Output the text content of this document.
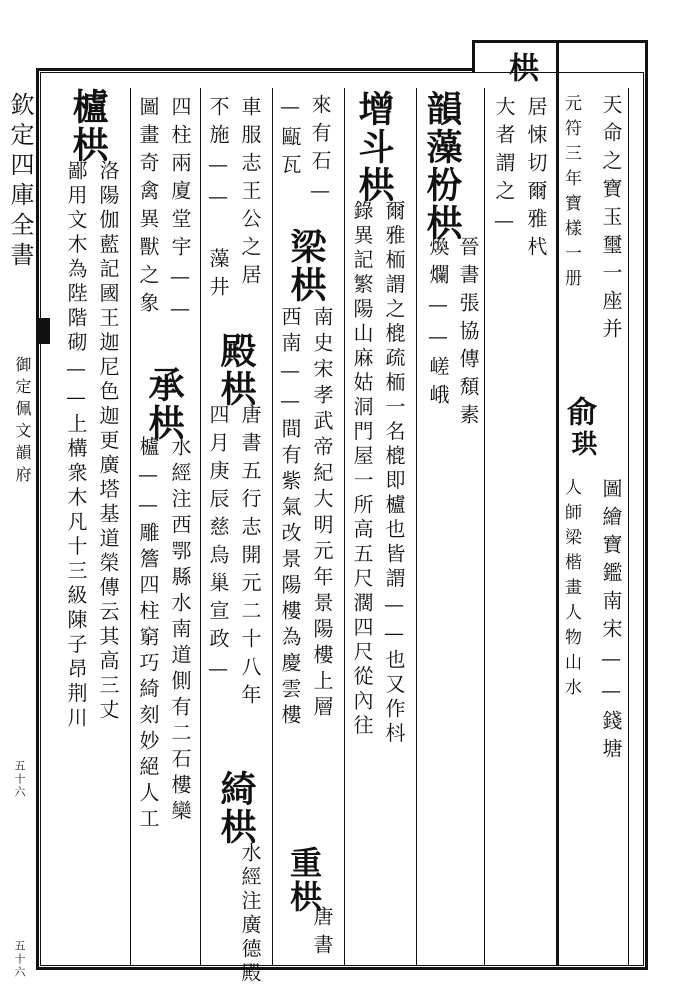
欽定四庫全書
御定佩文韻府
五十六
五十六
天命之寶玉璽一座并
元符三年寶樣一册
俞
珙
圖繪寶鑑南宋——錢塘
人師梁楷畫人物山水
栱
居悚切爾雅杙
大者謂之—
韻藻枌栱
晉書張協傳頹素
煥爛——嵯峨
增斗栱
爾雅栭謂之㮰疏栭一名㮰即櫨也皆謂——也又作枓
錄異記繁陽山麻姑洞門屋一所高五尺濶四尺從內往
來有石—
梁栱
南史宋孝武帝紀大明元年景陽樓上層
—甌瓦
西南——間有紫氣改景陽樓為慶雲樓
重栱
唐書
車服志王公之居
殿栱
唐書五行志開元二十八年
不施—— 藻井
四月庚辰慈烏巢宣政—
綺栱
水經注廣德殿
四柱兩廈堂宇——
承栱
水經注西鄂縣水南道側有二石樓欒
圖畫奇禽異獸之象
櫨——雕簷四柱窮巧綺刻妙絕人工
櫨栱
洛陽伽藍記國王迦尼色迦更廣塔基道榮傳云其高三丈
鄙用文木為陛階砌——上構衆木凡十三級陳子昂荆川
